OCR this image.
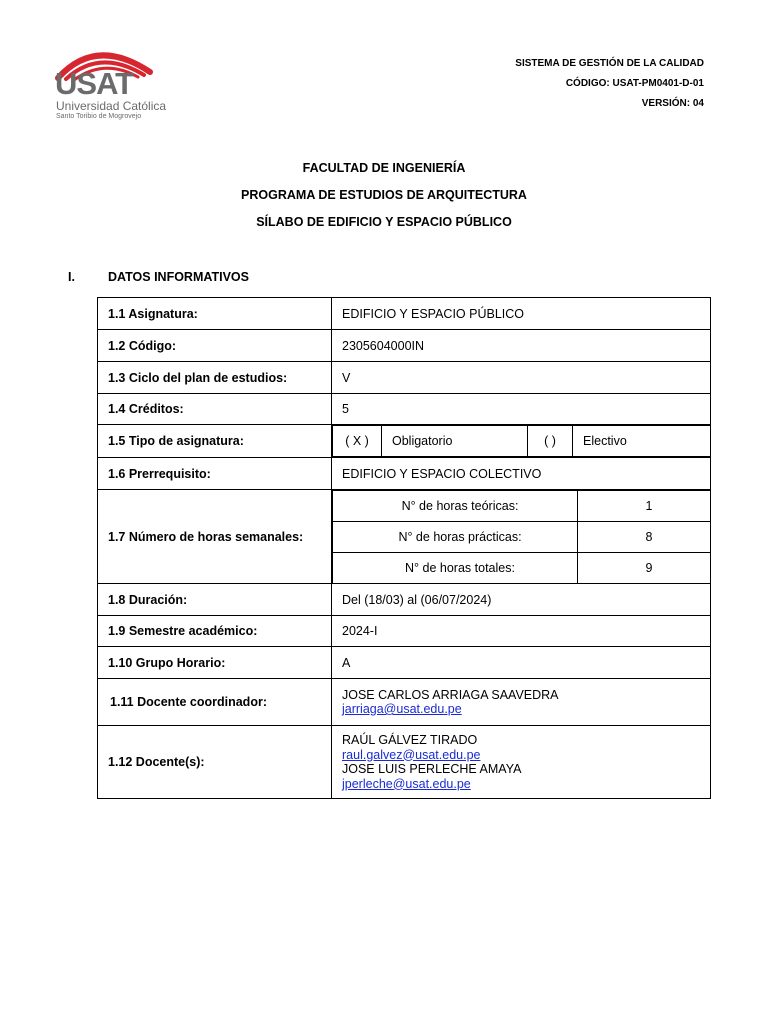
USAT
Universidad Católica
Santo Toribio de Mogrovejo
SISTEMA DE GESTIÓN DE LA CALIDAD
CÓDIGO: USAT-PM0401-D-01
VERSIÓN: 04
FACULTAD DE INGENIERÍA
PROGRAMA DE ESTUDIOS DE ARQUITECTURA
SÍLABO DE EDIFICIO Y ESPACIO PÚBLICO
I.	DATOS INFORMATIVOS
1.1 Asignatura:	EDIFICIO Y ESPACIO PÚBLICO
1.2 Código:	2305604000IN
1.3 Ciclo del plan de estudios:	V
1.4 Créditos:	5
1.5 Tipo de asignatura:		( X )	Obligatorio	( )	Electivo

1.6 Prerrequisito:	EDIFICIO Y ESPACIO COLECTIVO
1.7 Número de horas semanales:	
N° de horas teóricas:	1
N° de horas prácticas:	8
N° de horas totales:	9

1.8 Duración:	Del (18/03) al (06/07/2024)
1.9 Semestre académico:	2024-I
1.10 Grupo Horario:	A
1.11 Docente coordinador:	
JOSE CARLOS ARRIAGA SAAVEDRA
jarriaga@usat.edu.pe
1.12 Docente(s):	
RAÚL GÁLVEZ TIRADO
raul.galvez@usat.edu.pe
JOSE LUIS PERLECHE AMAYA
jperleche@usat.edu.pe
